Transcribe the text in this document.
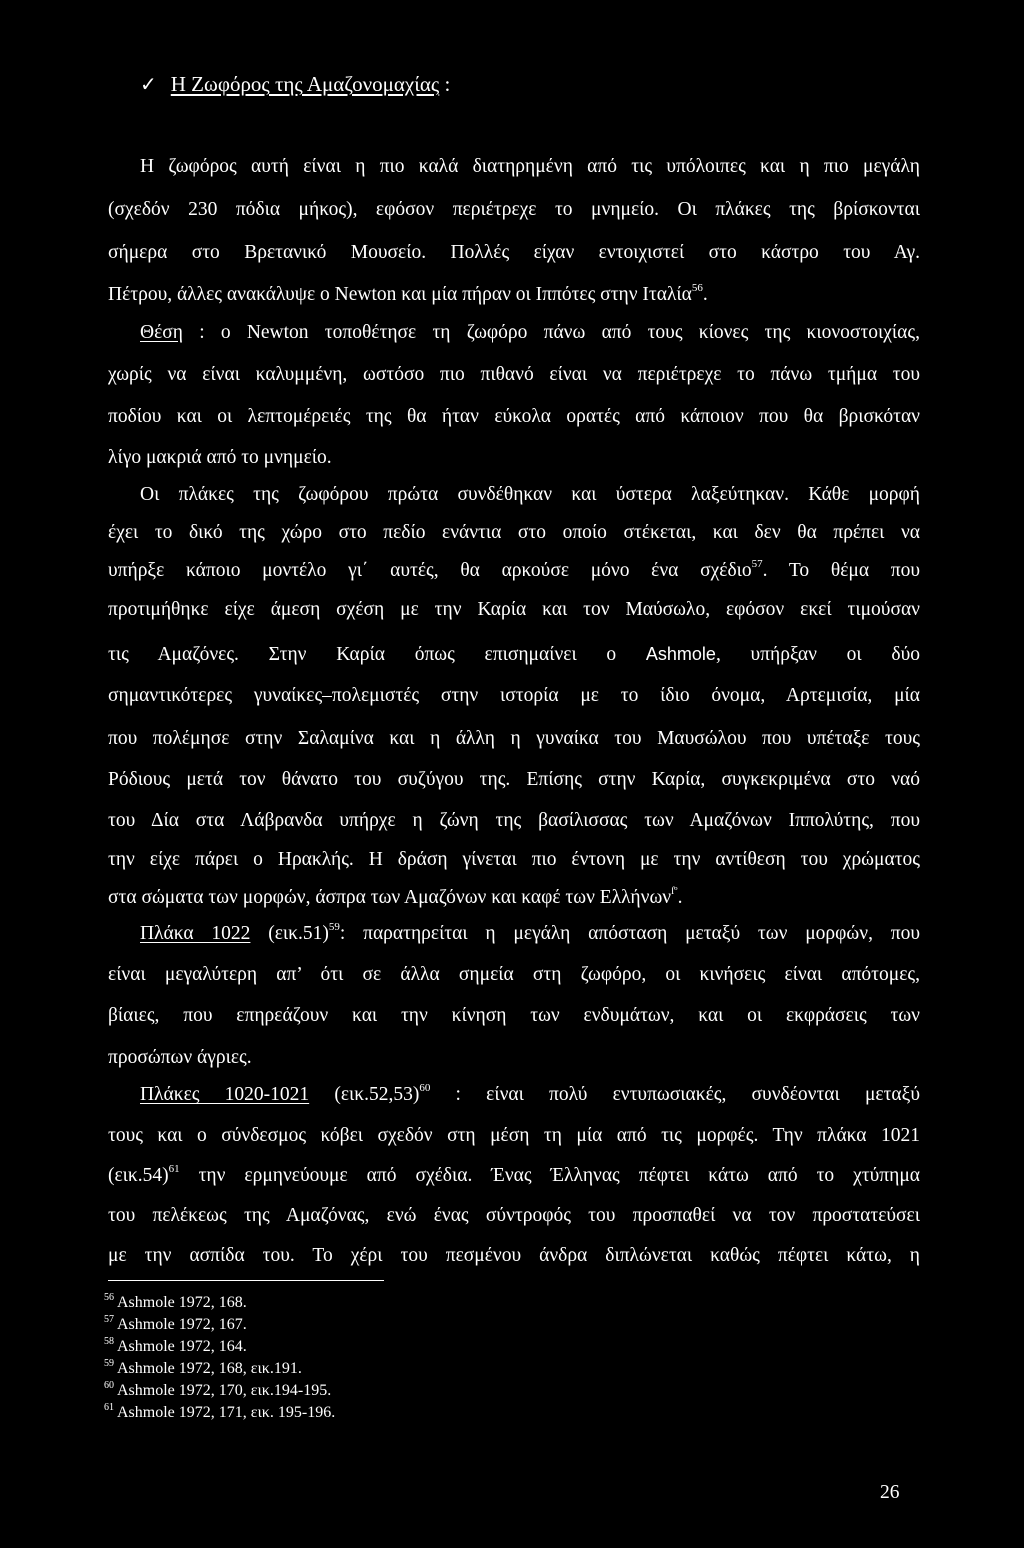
✓ Η Ζωφόρος της Αμαζονομαχίας :
Η ζωφόρος αυτή είναι η πιο καλά διατηρημένη από τις υπόλοιπες και η πιο μεγάλη
(σχεδόν 230 πόδια μήκος), εφόσον περιέτρεχε το μνημείο. Οι πλάκες της βρίσκονται
σήμερα στο Βρετανικό Μουσείο. Πολλές είχαν εντοιχιστεί στο κάστρο του Αγ.
Πέτρου, άλλες ανακάλυψε ο Newton και μία πήραν οι Ιππότες στην Ιταλία$^{56}$.
Θέση : ο Newton τοποθέτησε τη ζωφόρο πάνω από τους κίονες της κιονοστοιχίας,
χωρίς να είναι καλυμμένη, ωστόσο πιο πιθανό είναι να περιέτρεχε το πάνω τμήμα του
ποδίου και οι λεπτομέρειές της θα ήταν εύκολα ορατές από κάποιον που θα βρισκόταν
λίγο μακριά από το μνημείο.
Οι πλάκες της ζωφόρου πρώτα συνδέθηκαν και ύστερα λαξεύτηκαν. Κάθε μορφή
έχει το δικό της χώρο στο πεδίο ενάντια στο οποίο στέκεται, και δεν θα πρέπει να
υπήρξε κάποιο μοντέλο γι΄ αυτές, θα αρκούσε μόνο ένα σχέδιο$^{57}$. Το θέμα που
προτιμήθηκε είχε άμεση σχέση με την Καρία και τον Μαύσωλο, εφόσον εκεί τιμούσαν
τις Αμαζόνες. Στην Καρία όπως επισημαίνει ο Ashmole, υπήρξαν οι δύο
σημαντικότερες γυναίκες–πολεμιστές στην ιστορία με το ίδιο όνομα, Αρτεμισία, μία
που πολέμησε στην Σαλαμίνα και η άλλη η γυναίκα του Μαυσώλου που υπέταξε τους
Ρόδιους μετά τον θάνατο του συζύγου της. Επίσης στην Καρία, συγκεκριμένα στο ναό
του Δία στα Λάβρανδα υπήρχε η ζώνη της βασίλισσας των Αμαζόνων Ιππολύτης, που
την είχε πάρει ο Ηρακλής. Η δράση γίνεται πιο έντονη με την αντίθεση του χρώματος
στα σώματα των μορφών, άσπρα των Αμαζόνων και καφέ των Ελλήνων$^{ſº}$.
Πλάκα 1022 $(\varepsilon\iota\kappa.51)^{59}$: παρατηρείται η μεγάλη απόσταση μεταξύ των μορφών, που
είναι μεγαλύτερη απ’ ότι σε άλλα σημεία στη ζωφόρο, οι κινήσεις είναι απότομες,
βίαιες, που επηρεάζουν και την κίνηση των ενδυμάτων, και οι εκφράσεις των
προσώπων άγριες.
Πλάκες 1020-1021 $(\varepsilon\iota\kappa.52,53)^{60}$ : είναι πολύ εντυπωσιακές, συνδέονται μεταξύ
τους και ο σύνδεσμος κόβει σχεδόν στη μέση τη μία από τις μορφές. Την πλάκα 1021
$(\varepsilon\iota\kappa.54)^{61}$ την ερμηνεύουμε από σχέδια. Ένας Έλληνας πέφτει κάτω από το χτύπημα
του πελέκεως της Αμαζόνας, ενώ ένας σύντροφός του προσπαθεί να τον προστατεύσει
με την ασπίδα του. Το χέρι του πεσμένου άνδρα διπλώνεται καθώς πέφτει κάτω, η
$^{56}$ Ashmole 1972, 168.
$^{57}$ Ashmole 1972, 167.
$^{58}$ Ashmole 1972, 164.
$^{59}$ Ashmole 1972, 168, εικ.191.
$^{60}$ Ashmole 1972, 170, εικ.194-195.
$^{61}$ Ashmole 1972, 171, εικ. 195-196.
26
